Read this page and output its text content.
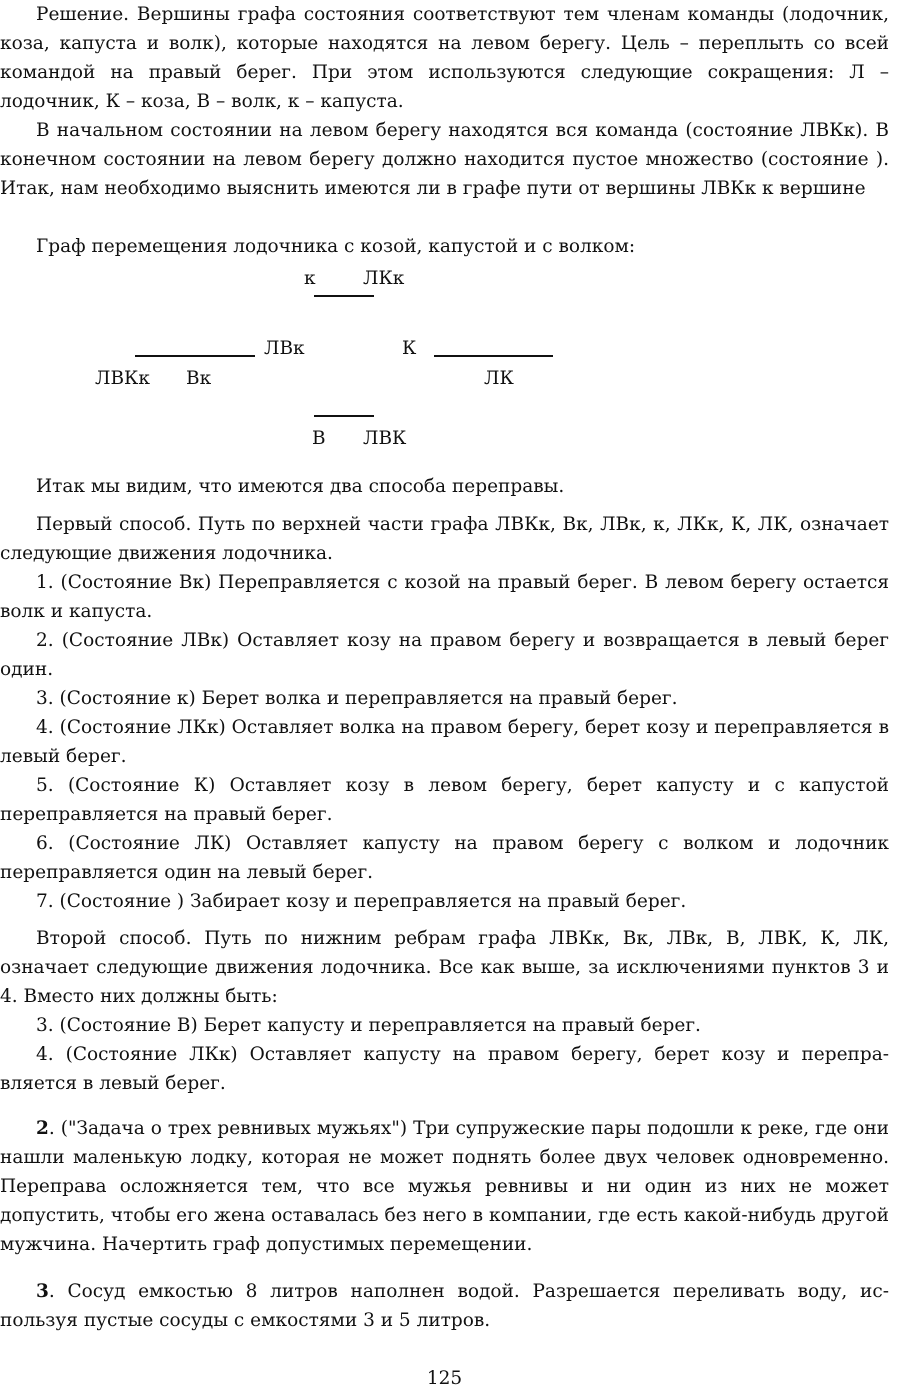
Решение. Вершины графа состояния соответствуют тем членам команды (лодочник, коза, капуста и волк), которые находятся на левом берегу. Цель – переплыть со всей командой на правый берег. При этом используются следующие сокращения: Л – лодочник, К – коза, В – волк, к – капуста.

В начальном состоянии на левом берегу находятся вся команда (состояние ЛВКк). В конечном состоянии на левом берегу должно находится пустое множество (состояние ). Итак, нам необходимо выяснить имеются ли в графе пути от вершины ЛВКк к вершине

Граф перемещения лодочника с козой, капустой и с волком:

к	ЛКк
ЛВк	К
ЛВКк Вк	ЛК
В ЛВК

Итак мы видим, что имеются два способа переправы.

Первый способ. Путь по верхней части графа ЛВКк, Вк, ЛВк, к, ЛКк, К, ЛК, означает следующие движения лодочника.

1. (Состояние Вк) Переправляется с козой на правый берег. В левом берегу остается волк и капуста.

2. (Состояние ЛВк) Оставляет козу на правом берегу и возвращается в левый берег один.

3. (Состояние к) Берет волка и переправляется на правый берег.

4. (Состояние ЛКк) Оставляет волка на правом берегу, берет козу и переправляется в левый берег.

5. (Состояние К) Оставляет козу в левом берегу, берет капусту и с капустой переправляется на правый берег.

6. (Состояние ЛК) Оставляет капусту на правом берегу с волком и лодочник переправляется один на левый берег.

7. (Состояние ) Забирает козу и переправляется на правый берег.

Второй способ. Путь по нижним ребрам графа ЛВКк, Вк, ЛВк, В, ЛВК, К, ЛК, означает следующие движения лодочника. Все как выше, за исключениями пунктов 3 и 4. Вместо них должны быть:

3. (Состояние В) Берет капусту и переправляется на правый берег.

4. (Состояние ЛКк) Оставляет капусту на правом берегу, берет козу и переправляется в левый берег.

2. ("Задача о трех ревнивых мужьях") Три супружеские пары подошли к реке, где они нашли маленькую лодку, которая не может поднять более двух человек одновременно. Переправа осложняется тем, что все мужья ревнивы и ни один из них не может допустить, чтобы его жена оставалась без него в компании, где есть какой-нибудь другой мужчина. Начертить граф допустимых перемещении.

3. Сосуд емкостью 8 литров наполнен водой. Разрешается переливать воду, используя пустые сосуды с емкостями 3 и 5 литров.

125
